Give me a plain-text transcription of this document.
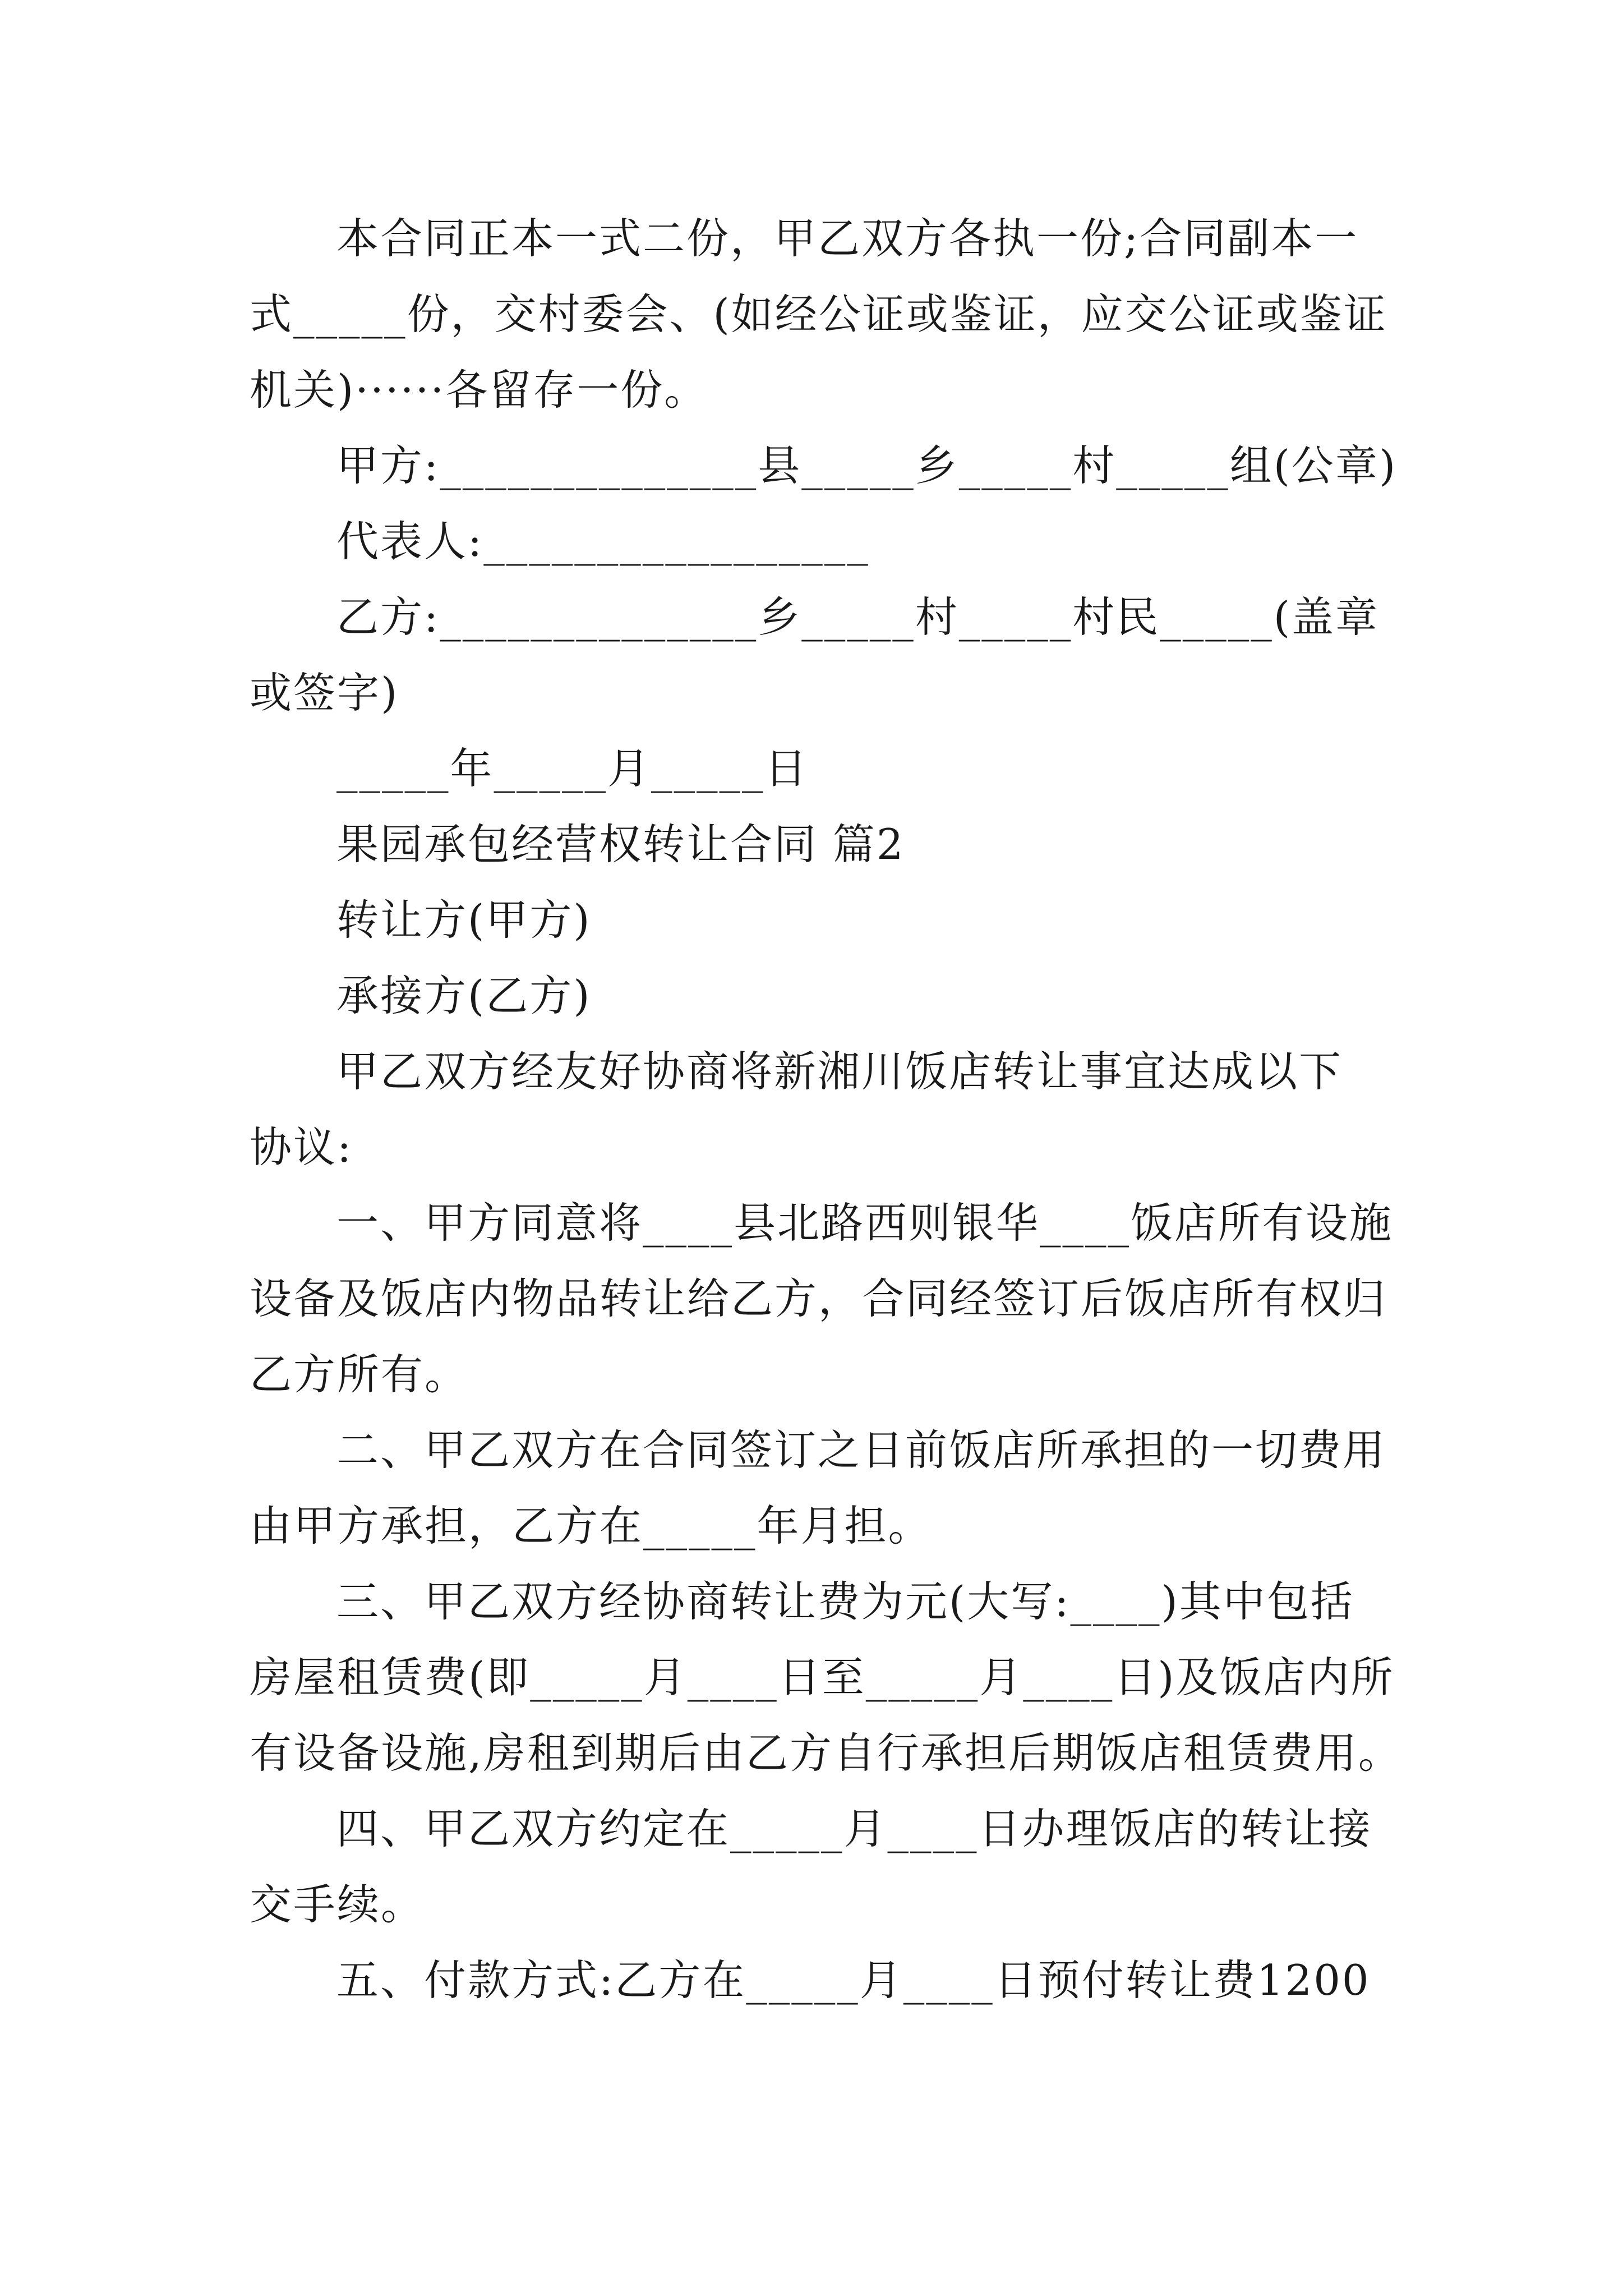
本合同正本一式二份，甲乙双方各执一份;合同副本一
式_____份，交村委会、(如经公证或鉴证，应交公证或鉴证
机关)······各留存一份。
甲方:______________县_____乡_____村_____组(公章)
代表人:_________________
乙方:______________乡_____村_____村民_____(盖章
或签字)
_____年_____月_____日
果园承包经营权转让合同 篇2
转让方(甲方)
承接方(乙方)
甲乙双方经友好协商将新湘川饭店转让事宜达成以下
协议:
一、甲方同意将____县北路西则银华____饭店所有设施
设备及饭店内物品转让给乙方，合同经签订后饭店所有权归
乙方所有。
二、甲乙双方在合同签订之日前饭店所承担的一切费用
由甲方承担，乙方在_____年月担。
三、甲乙双方经协商转让费为元(大写:____)其中包括
房屋租赁费(即_____月____日至_____月____日)及饭店内所
有设备设施,房租到期后由乙方自行承担后期饭店租赁费用。
四、甲乙双方约定在_____月____日办理饭店的转让接
交手续。
五、付款方式:乙方在_____月____日预付转让费1200
